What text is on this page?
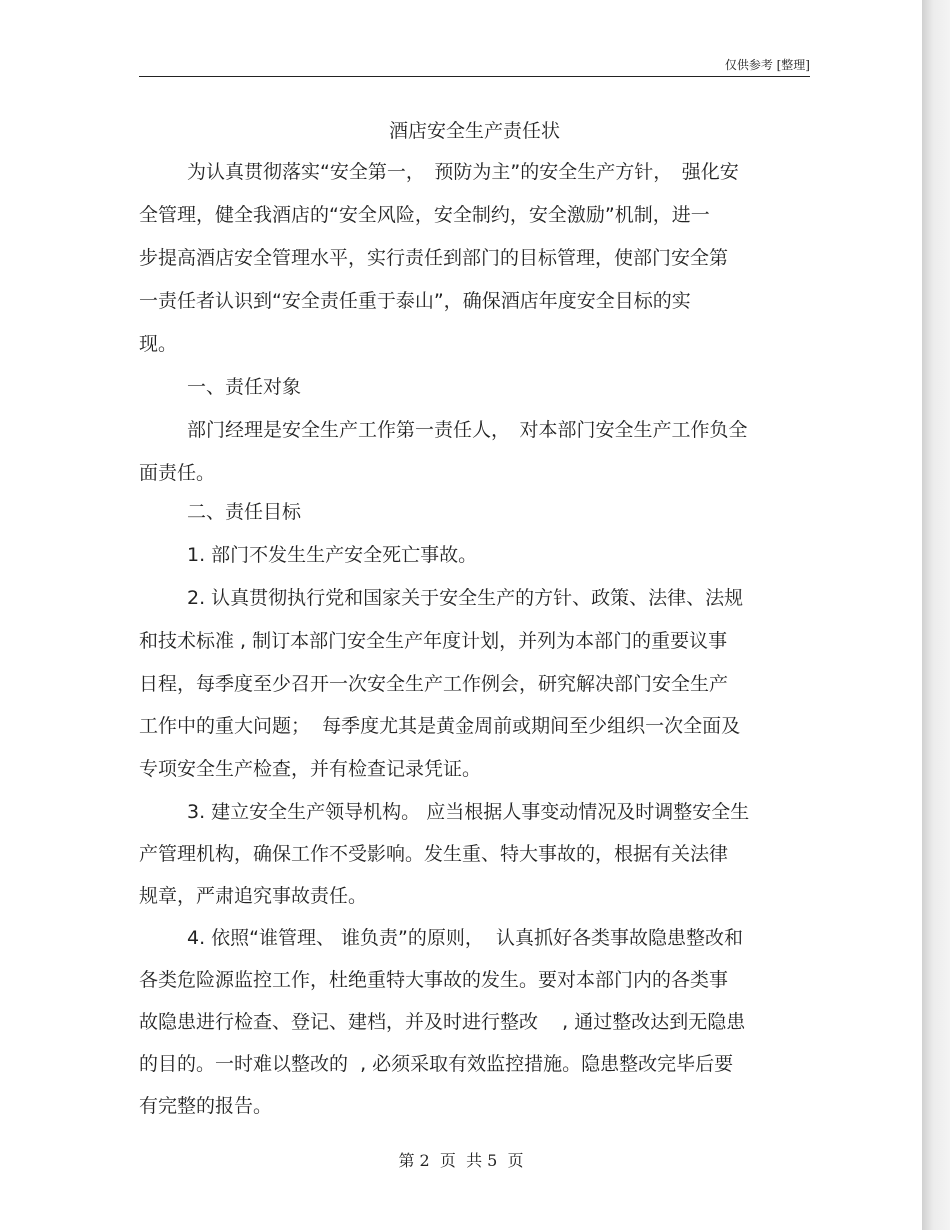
仅供参考 [整理]
酒店安全生产责任状
为认真贯彻落实“安全第一，　预防为主”的安全生产方针，　强化安
全管理，健全我酒店的“安全风险，安全制约，安全激励”机制，进一
步提高酒店安全管理水平，实行责任到部门的目标管理，使部门安全第
一责任者认识到“安全责任重于泰山”，确保酒店年度安全目标的实
现。
一、责任对象
部门经理是安全生产工作第一责任人，　对本部门安全生产工作负全
面责任。
二、责任目标
1. 部门不发生生产安全死亡事故。
2. 认真贯彻执行党和国家关于安全生产的方针、政策、法律、法规
和技术标准 , 制订本部门安全生产年度计划，并列为本部门的重要议事
日程，每季度至少召开一次安全生产工作例会，研究解决部门安全生产
工作中的重大问题；  每季度尤其是黄金周前或期间至少组织一次全面及
专项安全生产检查，并有检查记录凭证。
3. 建立安全生产领导机构。 应当根据人事变动情况及时调整安全生
产管理机构，确保工作不受影响。发生重、特大事故的，根据有关法律
规章，严肃追究事故责任。
4. 依照“谁管理、 谁负责”的原则，  认真抓好各类事故隐患整改和
各类危险源监控工作，杜绝重特大事故的发生。要对本部门内的各类事
故隐患进行检查、登记、建档，并及时进行整改    , 通过整改达到无隐患
的目的。一时难以整改的  , 必须采取有效监控措施。隐患整改完毕后要
有完整的报告。
第 2  页  共 5  页
